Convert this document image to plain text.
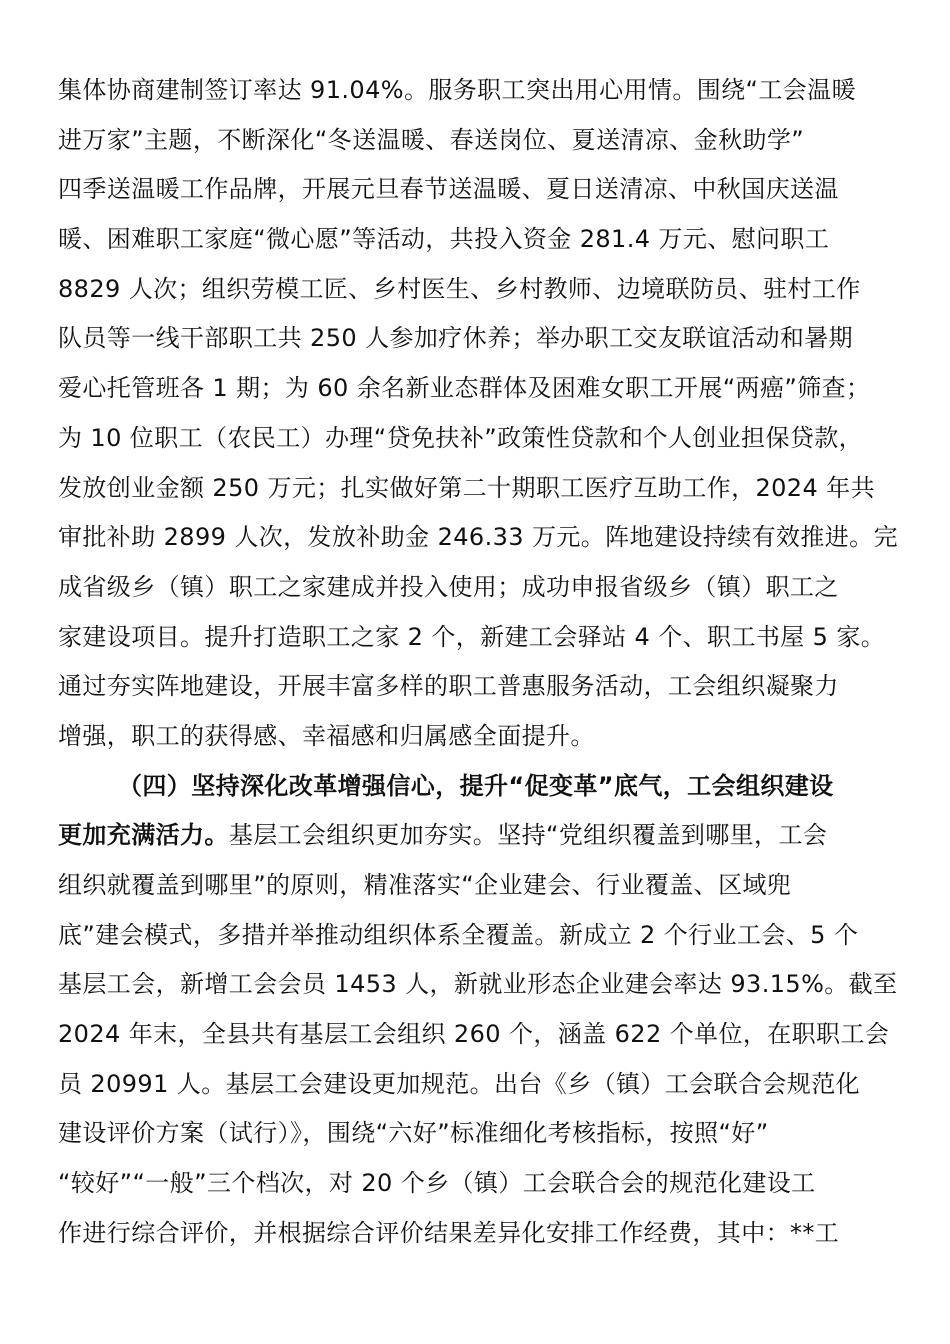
集体协商建制签订率达 91.04%。服务职工突出用心用情。围绕“工会温暖
进万家”主题，不断深化“冬送温暖、春送岗位、夏送清凉、金秋助学”
四季送温暖工作品牌，开展元旦春节送温暖、夏日送清凉、中秋国庆送温
暖、困难职工家庭“微心愿”等活动，共投入资金 281.4 万元、慰问职工
8829 人次；组织劳模工匠、乡村医生、乡村教师、边境联防员、驻村工作
队员等一线干部职工共 250 人参加疗休养；举办职工交友联谊活动和暑期
爱心托管班各 1 期；为 60 余名新业态群体及困难女职工开展“两癌”筛查；
为 10 位职工（农民工）办理“贷免扶补”政策性贷款和个人创业担保贷款，
发放创业金额 250 万元；扎实做好第二十期职工医疗互助工作，2024 年共
审批补助 2899 人次，发放补助金 246.33 万元。阵地建设持续有效推进。完
成省级乡（镇）职工之家建成并投入使用；成功申报省级乡（镇）职工之
家建设项目。提升打造职工之家 2 个，新建工会驿站 4 个、职工书屋 5 家。
通过夯实阵地建设，开展丰富多样的职工普惠服务活动，工会组织凝聚力
增强，职工的获得感、幸福感和归属感全面提升。
（四）坚持深化改革增强信心，提升“促变革”底气，工会组织建设
更加充满活力。基层工会组织更加夯实。坚持“党组织覆盖到哪里，工会
组织就覆盖到哪里”的原则，精准落实“企业建会、行业覆盖、区域兜
底”建会模式，多措并举推动组织体系全覆盖。新成立 2 个行业工会、5 个
基层工会，新增工会会员 1453 人，新就业形态企业建会率达 93.15%。截至
2024 年末，全县共有基层工会组织 260 个，涵盖 622 个单位，在职职工会
员 20991 人。基层工会建设更加规范。出台《乡（镇）工会联合会规范化
建设评价方案（试行）》，围绕“六好”标准细化考核指标，按照“好”
“较好”“一般”三个档次，对 20 个乡（镇）工会联合会的规范化建设工
作进行综合评价，并根据综合评价结果差异化安排工作经费，其中：**工
